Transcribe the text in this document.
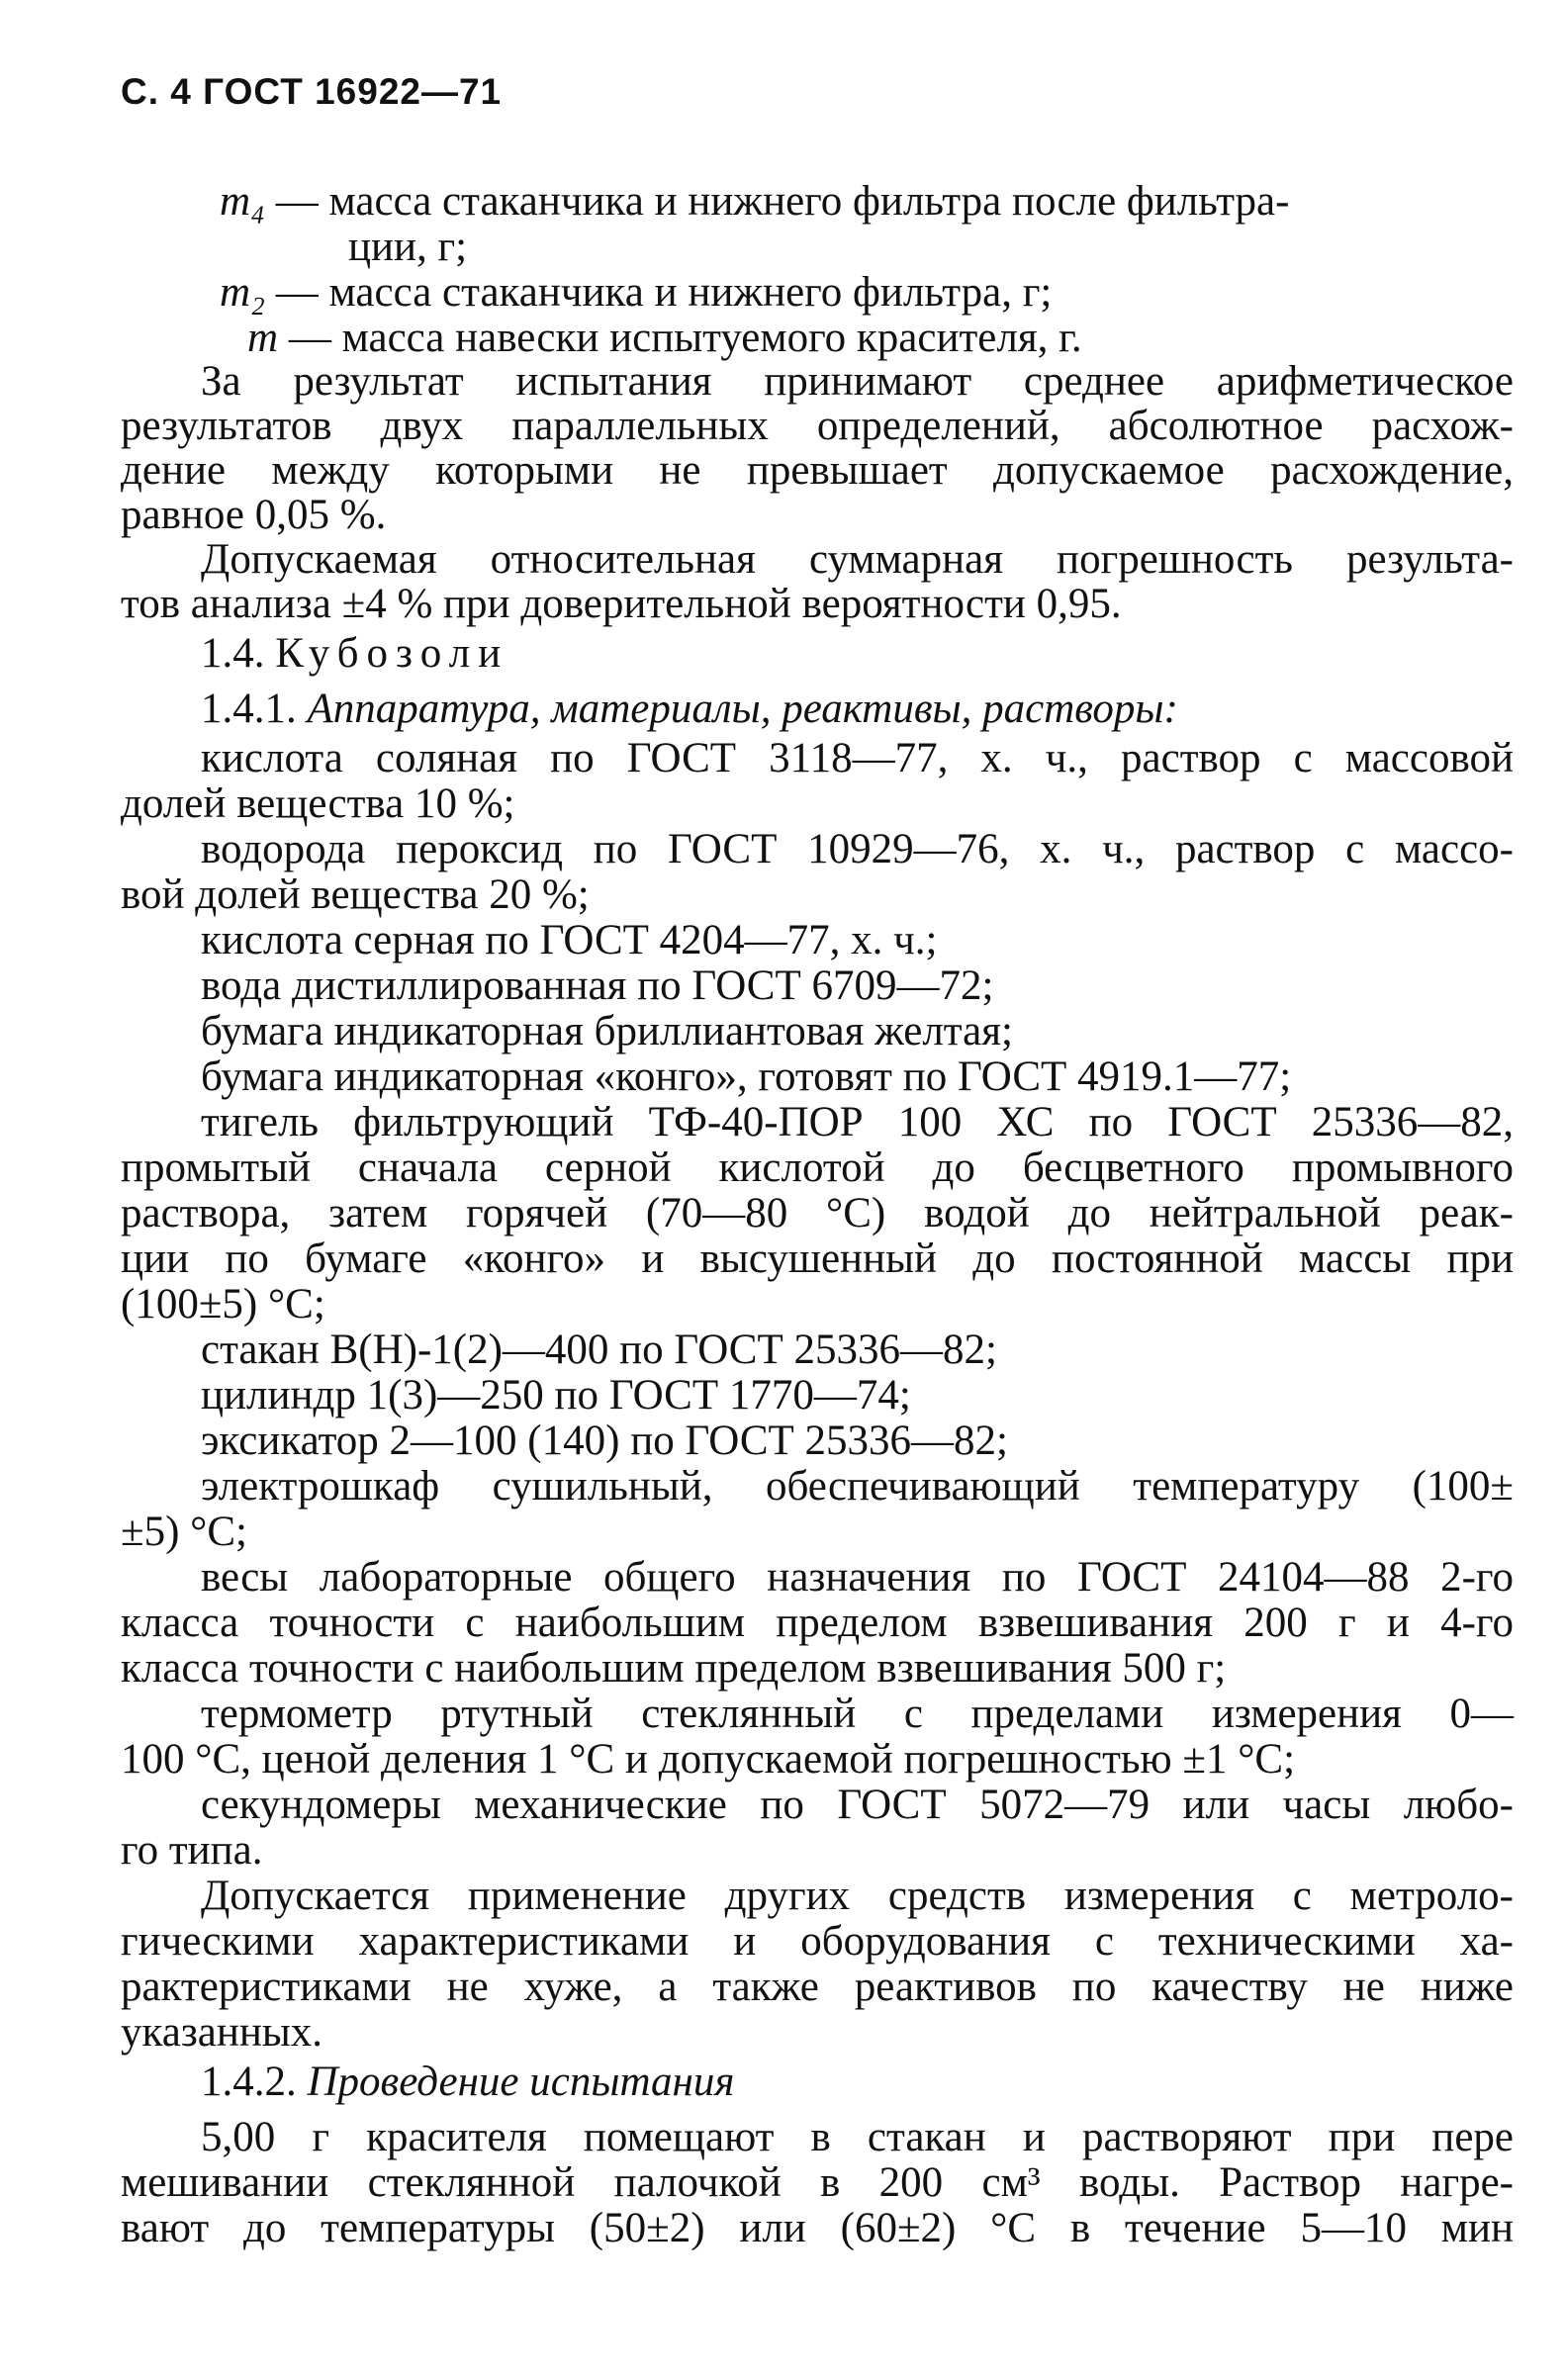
С. 4 ГОСТ 16922—71
m₄ — масса стаканчика и нижнего фильтра после фильтра-
ции, г;
m₂ — масса стаканчика и нижнего фильтра, г;
m — масса навески испытуемого красителя, г.
За результат испытания принимают среднее арифметическое
результатов двух параллельных определений, абсолютное расхож-
дение между которыми не превышает допускаемое расхождение,
равное 0,05 %.
Допускаемая относительная суммарная погрешность результа-
тов анализа ±4 % при доверительной вероятности 0,95.
1.4. Кубозоли
1.4.1. Аппаратура, материалы, реактивы, растворы:
кислота соляная по ГОСТ 3118—77, х. ч., раствор с массовой
долей вещества 10 %;
водорода пероксид по ГОСТ 10929—76, х. ч., раствор с массо-
вой долей вещества 20 %;
кислота серная по ГОСТ 4204—77, х. ч.;
вода дистиллированная по ГОСТ 6709—72;
бумага индикаторная бриллиантовая желтая;
бумага индикаторная «конго», готовят по ГОСТ 4919.1—77;
тигель фильтрующий ТФ-40-ПОР 100 ХС по ГОСТ 25336—82,
промытый сначала серной кислотой до бесцветного промывного
раствора, затем горячей (70—80 °С) водой до нейтральной реак-
ции по бумаге «конго» и высушенный до постоянной массы при
(100±5) °С;
стакан В(Н)-1(2)—400 по ГОСТ 25336—82;
цилиндр 1(3)—250 по ГОСТ 1770—74;
эксикатор 2—100 (140) по ГОСТ 25336—82;
электрошкаф сушильный, обеспечивающий температуру (100±
±5) °С;
весы лабораторные общего назначения по ГОСТ 24104—88 2-го
класса точности с наибольшим пределом взвешивания 200 г и 4-го
класса точности с наибольшим пределом взвешивания 500 г;
термометр ртутный стеклянный с пределами измерения 0—
100 °С, ценой деления 1 °С и допускаемой погрешностью ±1 °С;
секундомеры механические по ГОСТ 5072—79 или часы любо-
го типа.
Допускается применение других средств измерения с метроло-
гическими характеристиками и оборудования с техническими ха-
рактеристиками не хуже, а также реактивов по качеству не ниже
указанных.
1.4.2. Проведение испытания
5,00 г красителя помещают в стакан и растворяют при пере
мешивании стеклянной палочкой в 200 см³ воды. Раствор нагре-
вают до температуры (50±2) или (60±2) °С в течение 5—10 мин
